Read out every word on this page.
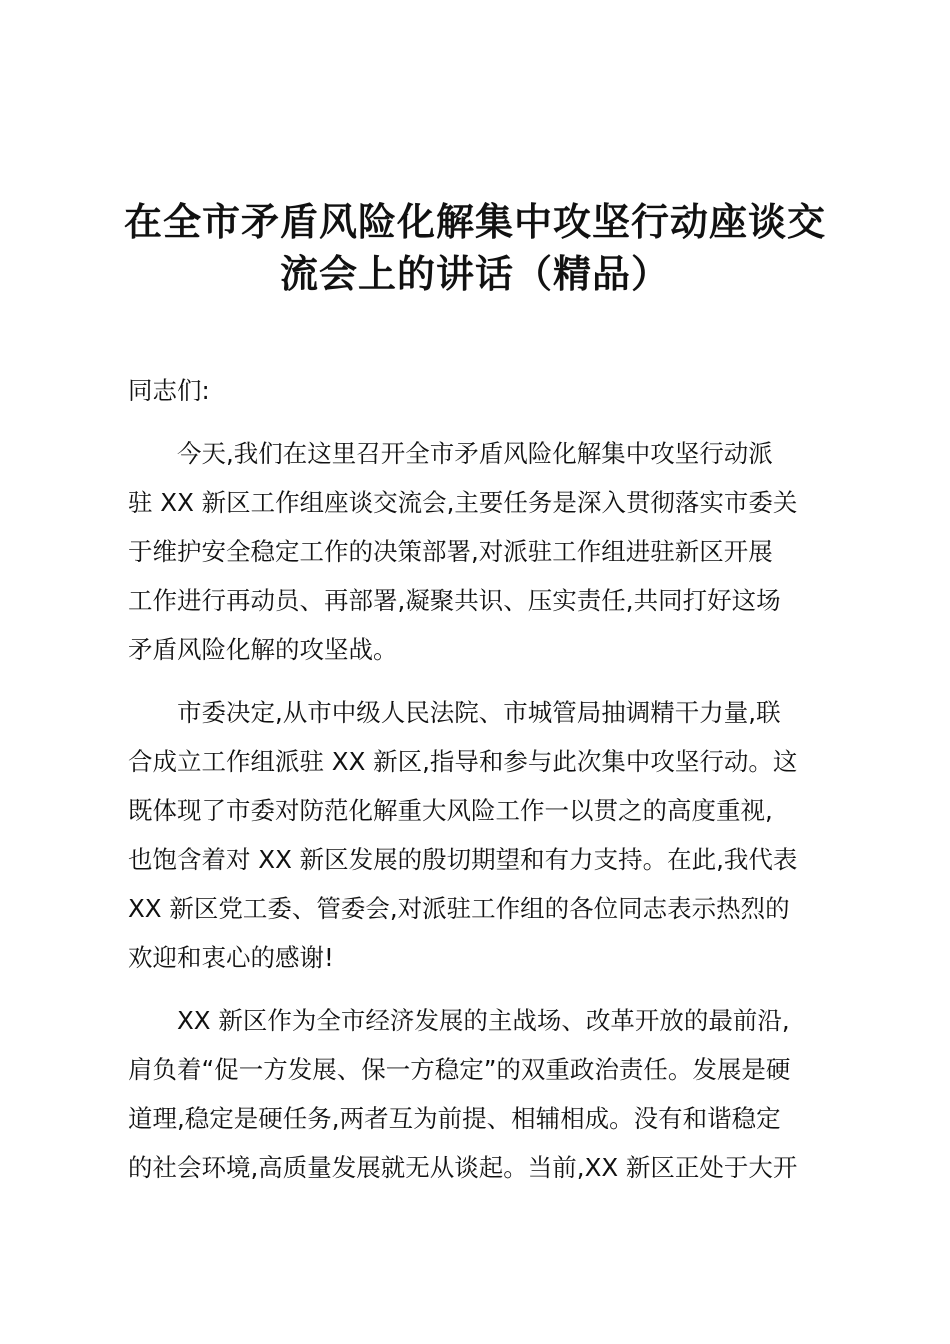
在全市矛盾风险化解集中攻坚行动座谈交
流会上的讲话（精品）

同志们:

今天,我们在这里召开全市矛盾风险化解集中攻坚行动派
驻 XX 新区工作组座谈交流会,主要任务是深入贯彻落实市委关
于维护安全稳定工作的决策部署,对派驻工作组进驻新区开展
工作进行再动员、再部署,凝聚共识、压实责任,共同打好这场
矛盾风险化解的攻坚战。

市委决定,从市中级人民法院、市城管局抽调精干力量,联
合成立工作组派驻 XX 新区,指导和参与此次集中攻坚行动。这
既体现了市委对防范化解重大风险工作一以贯之的高度重视,
也饱含着对 XX 新区发展的殷切期望和有力支持。在此,我代表
XX 新区党工委、管委会,对派驻工作组的各位同志表示热烈的
欢迎和衷心的感谢!

XX 新区作为全市经济发展的主战场、改革开放的最前沿,
肩负着“促一方发展、保一方稳定”的双重政治责任。发展是硬
道理,稳定是硬任务,两者互为前提、相辅相成。没有和谐稳定
的社会环境,高质量发展就无从谈起。当前,XX 新区正处于大开
